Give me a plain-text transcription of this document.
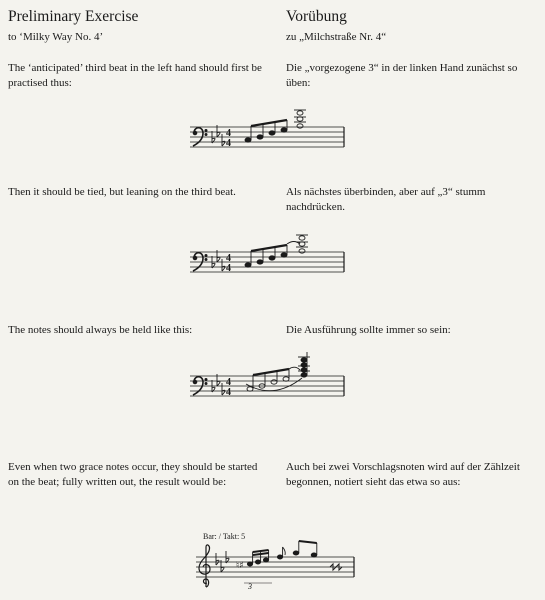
Preliminary Exercise
to ‘Milky Way No. 4’
Vorübung
zu „Milchstraße Nr. 4“
The ‘anticipated’ third beat in the left hand should first be practised thus:
Die „vorgezogene 3“ in der linken Hand zunächst so üben:
4
4
Then it should be tied, but leaning on the third beat.	Als nächstes überbinden, aber auf „3“ stumm nachdrücken.
4
4
The notes should always be held like this:	Die Ausführung sollte immer so sein:
4
4
Even when two grace notes occur, they should be started on the beat; fully written out, the result would be:
Auch bei zwei Vorschlagsnoten wird auf der Zählzeit begonnen, notiert sieht das etwa so aus:
Bar: / Takt: 5
♮♯
3
